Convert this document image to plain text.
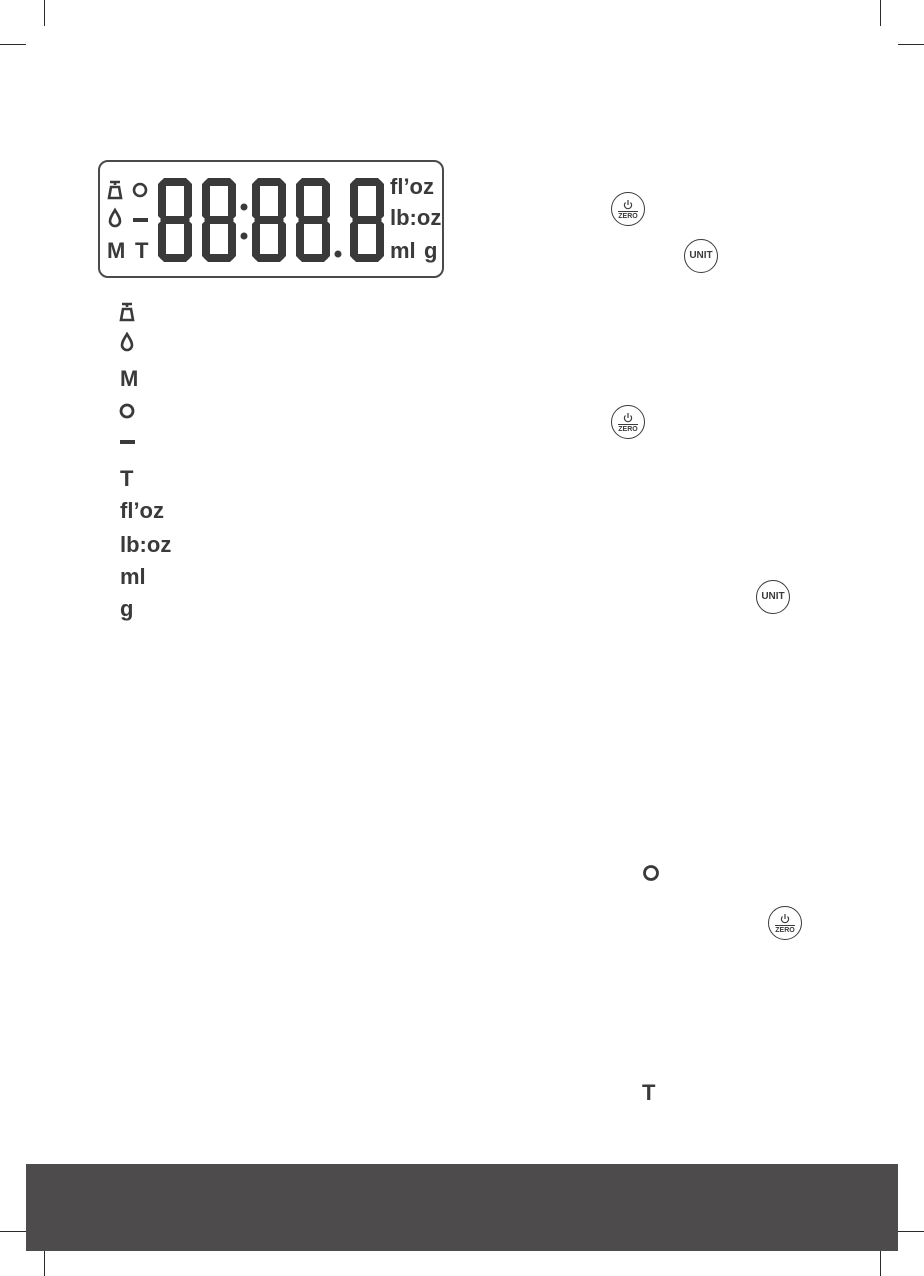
M T
fl’oz
lb:oz
ml g
M
T
fl’oz
lb:oz
ml
g
ZERO
UNIT
ZERO
UNIT
ZERO
T
